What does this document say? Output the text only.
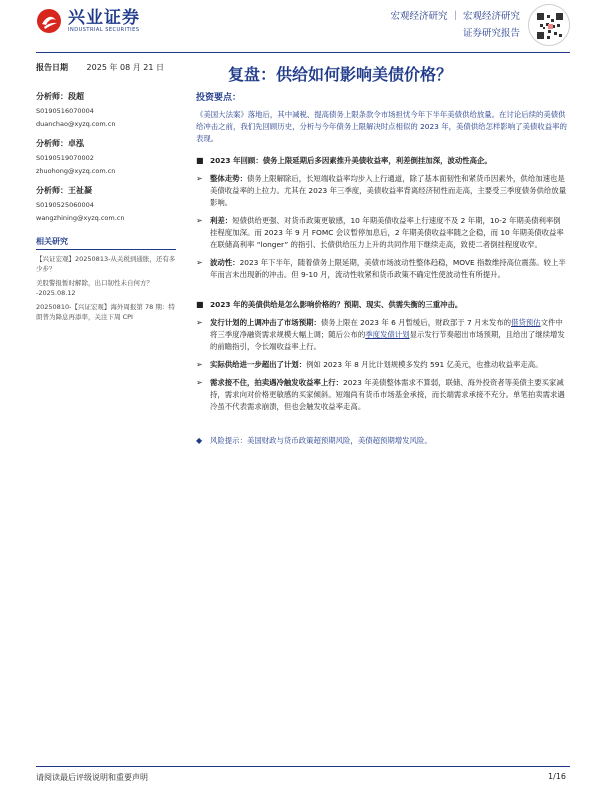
兴业证券
INDUSTRIAL SECURITIES
宏观经济研究 ｜ 宏观经济研究
证券研究报告
复盘：供给如何影响美债价格？
报告日期 2025 年 08 月 21 日
分析师：段超
S0190516070004
duanchao@xyzq.com.cn
分析师：卓泓
S0190519070002
zhuohong@xyzq.com.cn
分析师：王祉凝
S0190525060004
wangzhining@xyzq.com.cn
相关研究
【兴证宏观】20250813-从关税到通胀，还有多少步？
美股警报暂时解除，出口韧性未自何方？ -2025.08.12
20250810-【兴证宏观】海外周报第 78 期：特朗普为降息再添率，关注下周 CPI
投资要点：
《美国大法案》落地后，其中减税、提高债务上限条款令市场担忧今年下半年美债供给放量。在讨论后续的美债供给冲击之前，我们先回顾历史，分析与今年债务上限解决时点相似的 2023 年，美债供给怎样影响了美债收益率的表现。
■ 2023 年回顾：债务上限延期后多因素推升美债收益率，利差倒挂加深，波动性高企。
➢ 整体走势：债务上限解除后，长短端收益率均步入上行通道，除了基本面韧性和紧货币因素外，供给加速也是美债收益率的上拉力。尤其在 2023 年三季度，美债收益率背离经济韧性而走高，主要受三季度债务供给放量影响。
➢ 利差：短债供给更强、对货币政策更敏感，10 年期美债收益率上行速度不及 2 年期，10-2 年期美债利率倒挂程度加深。而 2023 年 9 月 FOMC 会议暂停加息后，2 年期美债收益率随之企稳，而 10 年期美债收益率在联储高利率 “longer” 的指引、长债供给压力上升的共同作用下继续走高，致使二者倒挂程度收窄。
➢ 波动性：2023 年下半年，随着债务上限延期，美债市场波动性整体趋稳，MOVE 指数维持高位震荡。较上半年而言未出现新的冲击。但 9-10 月，流动性收紧和货币政策不确定性使波动性有所提升。
■ 2023 年的美债供给是怎么影响价格的？预期、现实、供需失衡的三重冲击。
➢ 发行计划的上调冲击了市场预期：债务上限在 2023 年 6 月暂缓后，财政部于 7 月末发布的借贷预估文件中将三季度净融资需求规模大幅上调；随后公布的季度发债计划显示发行节奏超出市场预期，且给出了继续增发的前瞻指引，令长端收益率上行。
➢ 实际供给进一步超出了计划：例如 2023 年 8 月比计划规模多发约 591 亿美元，也推动收益率走高。
➢ 需求接不住，拍卖遇冷触发收益率上行：2023 年美债整体需求不算弱，联储、海外投资者等美债主要买家减持，需求向对价格更敏感的买家倾斜。短端尚有货币市场基金承接，而长端需求承接不充分。单笔拍卖需求遇冷虽不代表需求崩溃，但也会触发收益率走高。
◆ 风险提示：美国财政与货币政策超预期风险，美债超预期增发风险。
请阅读最后评级说明和重要声明	1/16
